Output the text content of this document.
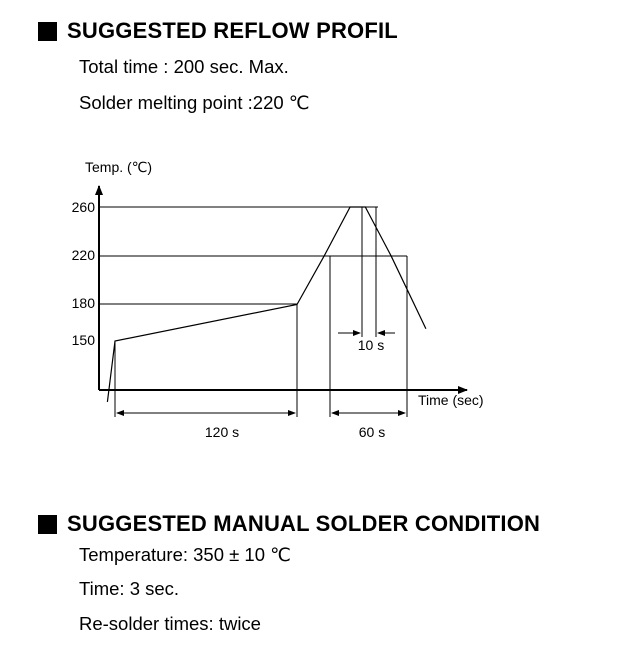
SUGGESTED REFLOW PROFIL
Total time : 200 sec. Max.
Solder melting point :220 ℃
Temp. (℃)
Time (sec)
260
220
180
150
120 s	60 s
10 s
SUGGESTED MANUAL SOLDER CONDITION
Temperature: 350 ± 10 ℃
Time: 3 sec.
Re-solder times: twice
